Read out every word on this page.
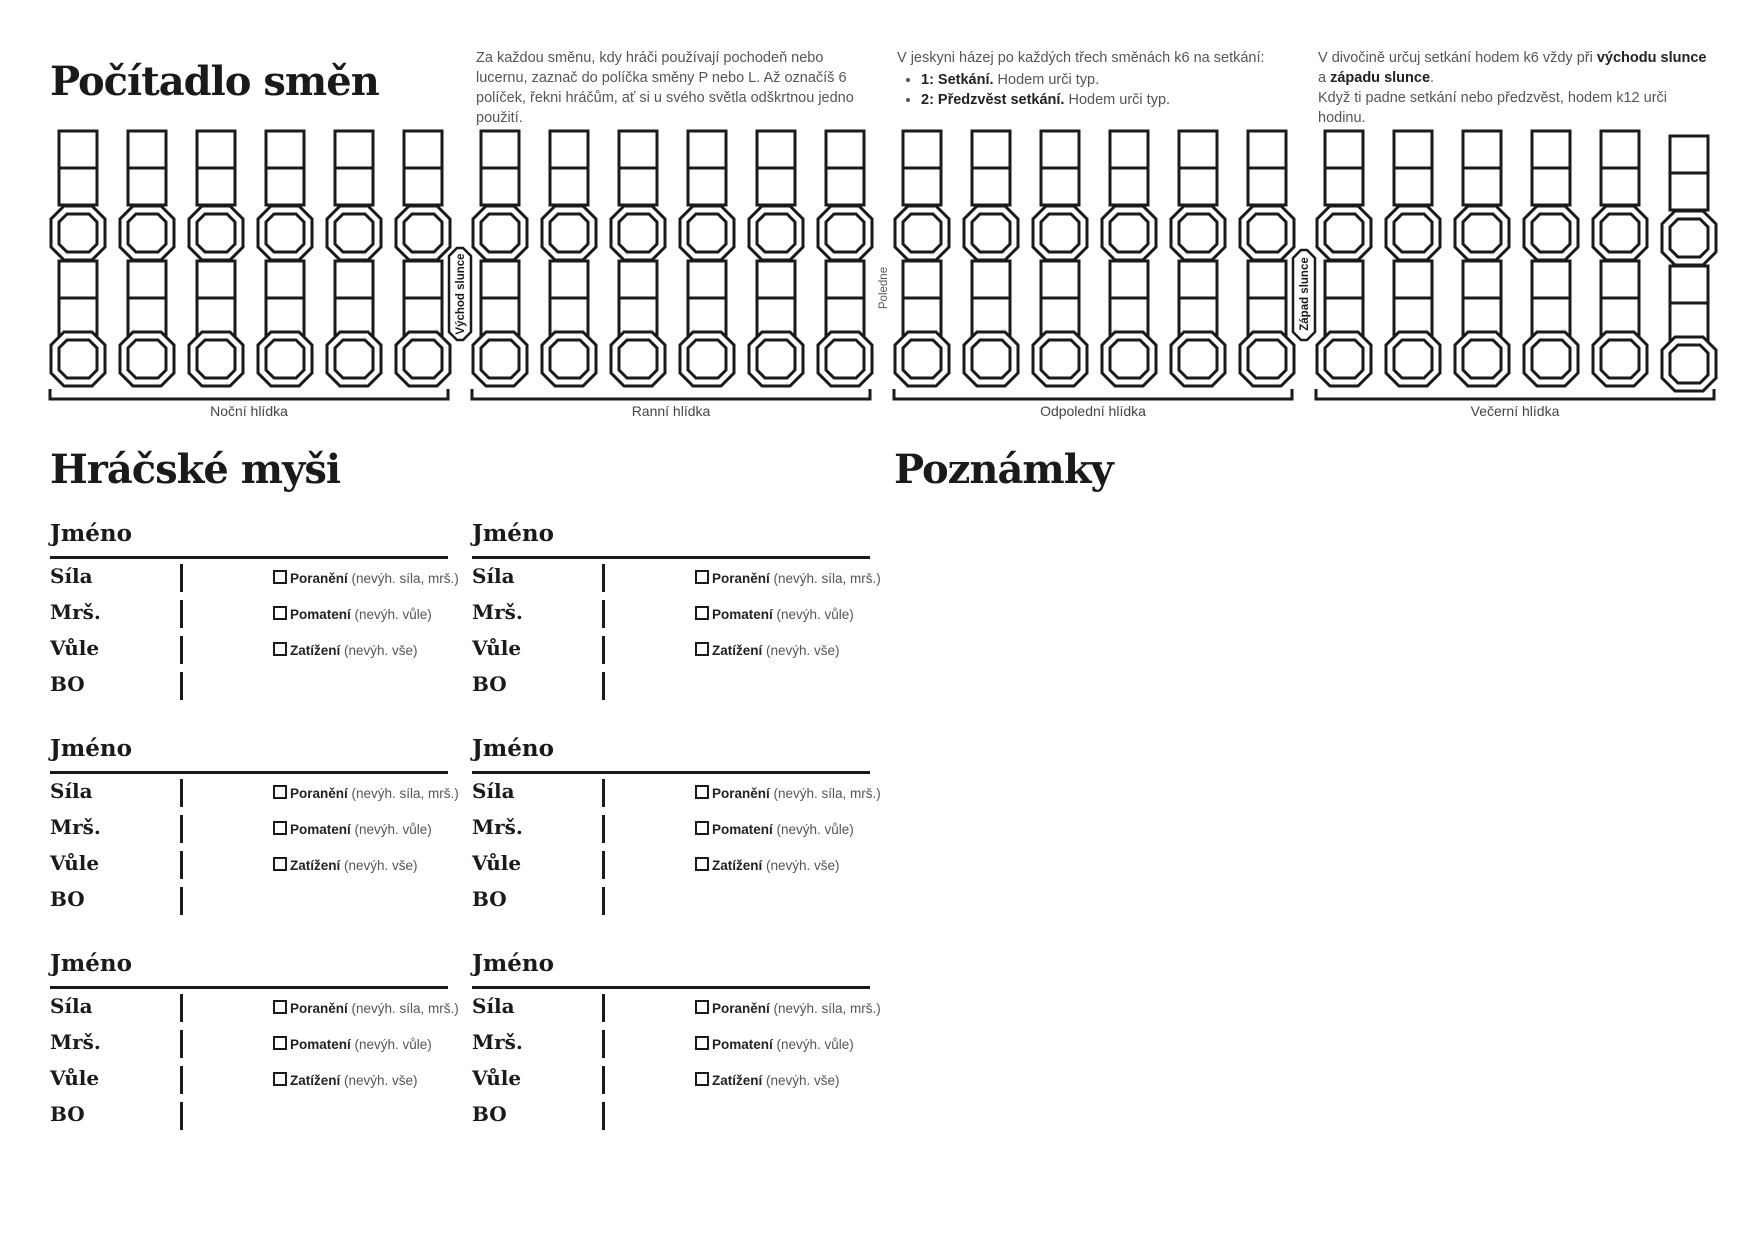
Počítadlo směn	Za každou směnu, kdy hráči používají pochodeň nebo lucernu, zaznač do políčka směny P nebo L. Až označíš 6 políček, řekni hráčům, ať si u svého světla odškrtnou jedno použití.
V jeskyni házej po každých třech směnách k6 na setkání:
• 1: Setkání. Hodem urči typ.
• 2: Předzvěst setkání. Hodem urči typ.
V divočině určuj setkání hodem k6 vždy při východu slunce
a západu slunce.
Když ti padne setkání nebo předzvěst, hodem k12 urči hodinu.
Noční hlídka	Ranní hlídka	Odpolední hlídka	Večerní hlídka
Východ slunce	Poledne	Západ slunce
Hráčské myši	Poznámky
Jméno
Síla	Poranění (nevýh. síla, mrš.)
Mrš.	Pomatení (nevýh. vůle)
Vůle	Zatížení (nevýh. vše)
BO
Jméno
Síla	Poranění (nevýh. síla, mrš.)
Mrš.	Pomatení (nevýh. vůle)
Vůle	Zatížení (nevýh. vše)
BO
Jméno
Síla	Poranění (nevýh. síla, mrš.)
Mrš.	Pomatení (nevýh. vůle)
Vůle	Zatížení (nevýh. vše)
BO
Jméno
Síla	Poranění (nevýh. síla, mrš.)
Mrš.	Pomatení (nevýh. vůle)
Vůle	Zatížení (nevýh. vše)
BO
Jméno
Síla	Poranění (nevýh. síla, mrš.)
Mrš.	Pomatení (nevýh. vůle)
Vůle	Zatížení (nevýh. vše)
BO
Jméno
Síla	Poranění (nevýh. síla, mrš.)
Mrš.	Pomatení (nevýh. vůle)
Vůle	Zatížení (nevýh. vše)
BO
